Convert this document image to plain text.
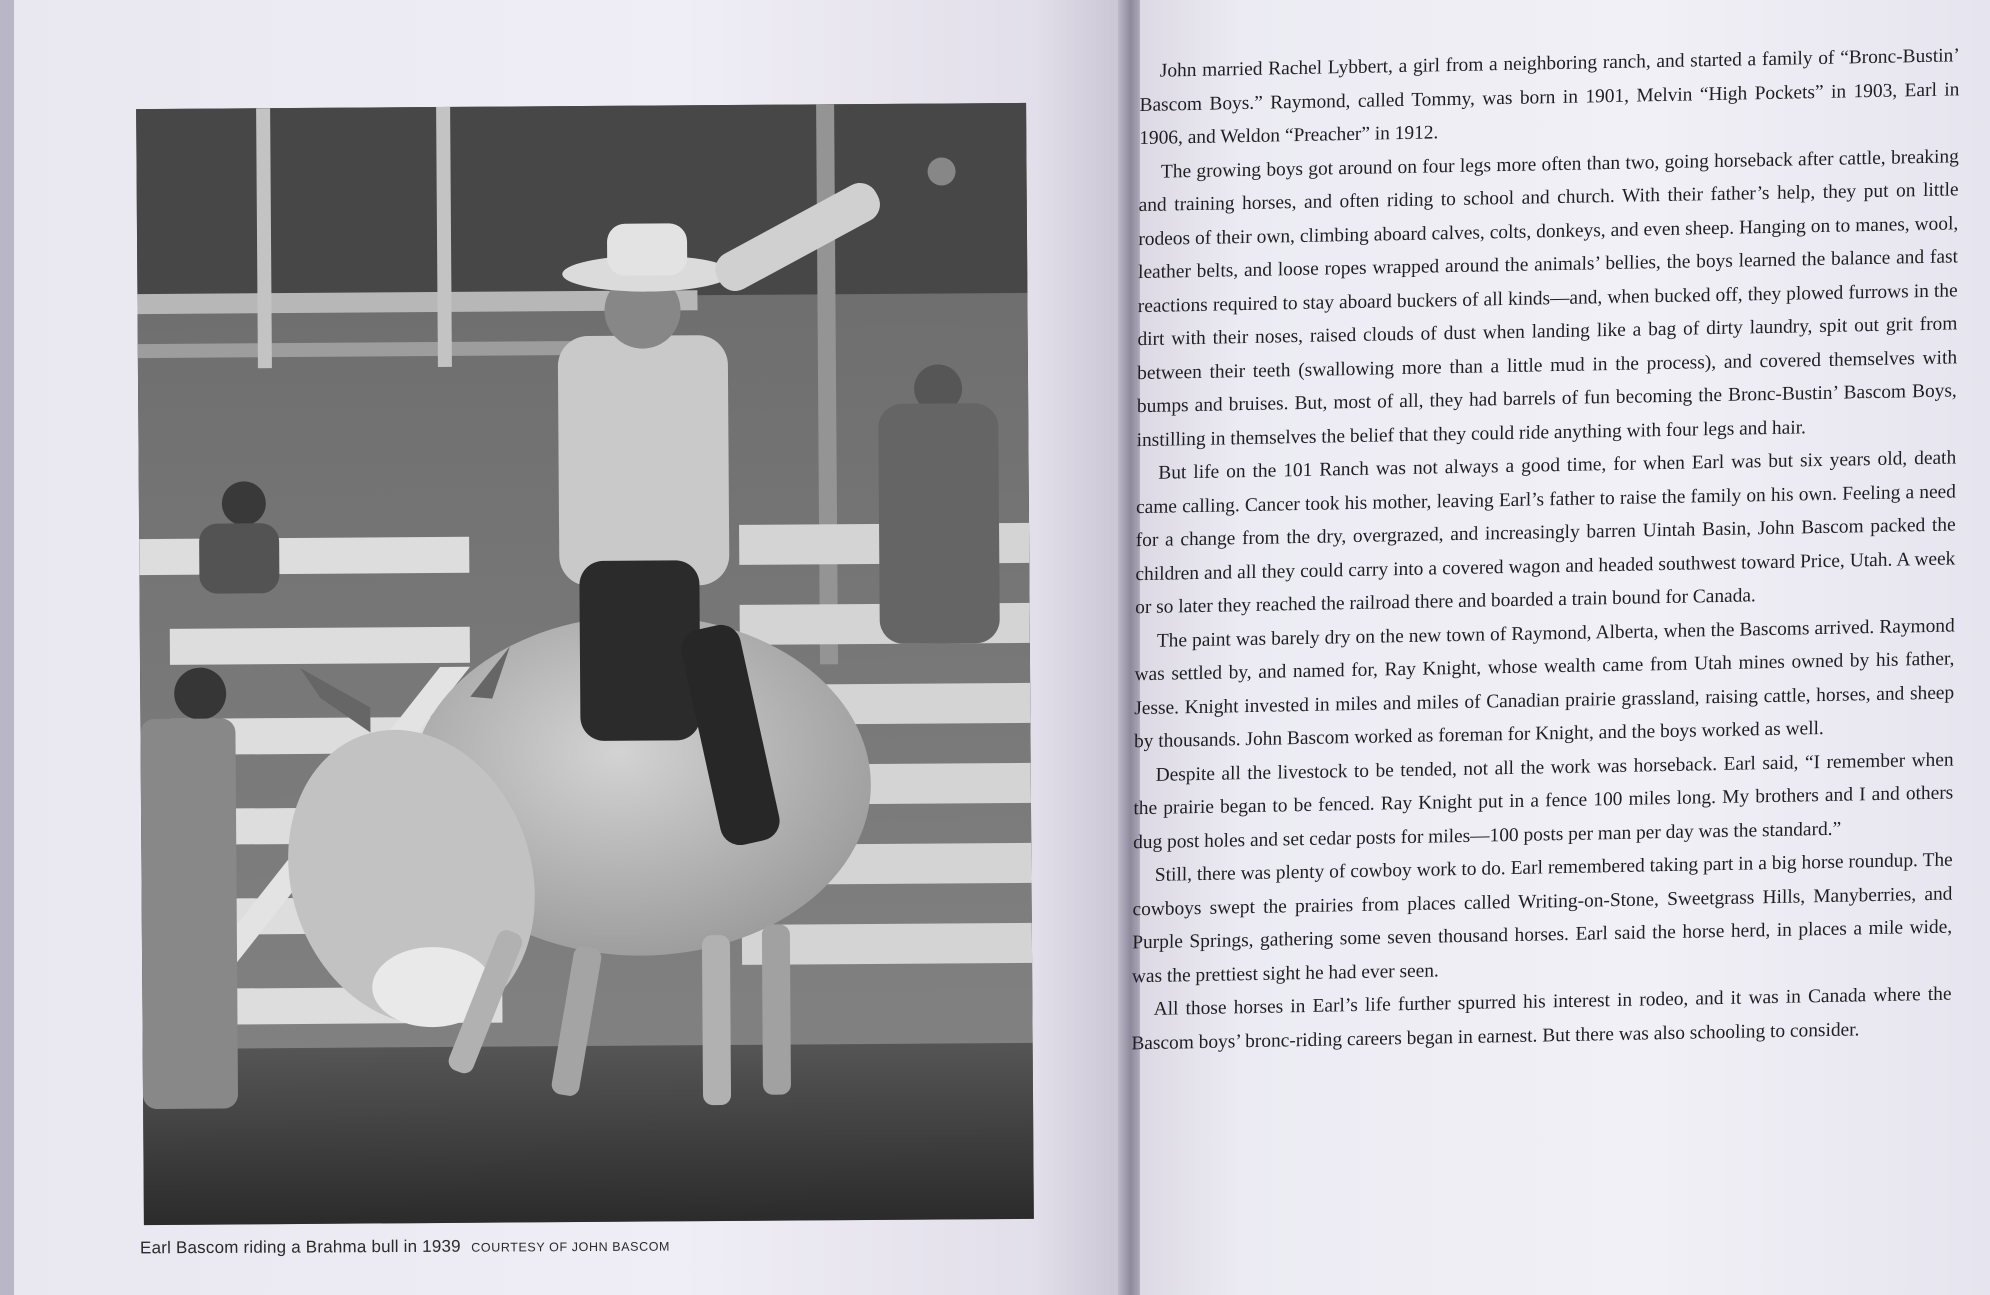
Earl Bascom riding a Brahma bull in 1939 COURTESY OF JOHN BASCOM

John married Rachel Lybbert, a girl from a neighboring ranch, and started a family of “Bronc-Bustin’ Bascom Boys.” Raymond, called Tommy, was born in 1901, Melvin “High Pockets” in 1903, Earl in 1906, and Weldon “Preacher” in 1912.

The growing boys got around on four legs more often than two, going horseback after cattle, breaking and training horses, and often riding to school and church. With their father’s help, they put on little rodeos of their own, climbing aboard calves, colts, donkeys, and even sheep. Hanging on to manes, wool, leather belts, and loose ropes wrapped around the animals’ bellies, the boys learned the balance and fast reactions required to stay aboard buckers of all kinds—and, when bucked off, they plowed furrows in the dirt with their noses, raised clouds of dust when landing like a bag of dirty laundry, spit out grit from between their teeth (swallowing more than a little mud in the process), and covered themselves with bumps and bruises. But, most of all, they had barrels of fun becoming the Bronc-Bustin’ Bascom Boys, instilling in themselves the belief that they could ride anything with four legs and hair.

But life on the 101 Ranch was not always a good time, for when Earl was but six years old, death came calling. Cancer took his mother, leaving Earl’s father to raise the family on his own. Feeling a need for a change from the dry, overgrazed, and increasingly barren Uintah Basin, John Bascom packed the children and all they could carry into a covered wagon and headed southwest toward Price, Utah. A week or so later they reached the railroad there and boarded a train bound for Canada.

The paint was barely dry on the new town of Raymond, Alberta, when the Bascoms arrived. Raymond was settled by, and named for, Ray Knight, whose wealth came from Utah mines owned by his father, Jesse. Knight invested in miles and miles of Canadian prairie grassland, raising cattle, horses, and sheep by thousands. John Bascom worked as foreman for Knight, and the boys worked as well.

Despite all the livestock to be tended, not all the work was horseback. Earl said, “I remember when the prairie began to be fenced. Ray Knight put in a fence 100 miles long. My brothers and I and others dug post holes and set cedar posts for miles—100 posts per man per day was the standard.”

Still, there was plenty of cowboy work to do. Earl remembered taking part in a big horse roundup. The cowboys swept the prairies from places called Writing-on-Stone, Sweetgrass Hills, Manyberries, and Purple Springs, gathering some seven thousand horses. Earl said the horse herd, in places a mile wide, was the prettiest sight he had ever seen.

All those horses in Earl’s life further spurred his interest in rodeo, and it was in Canada where the Bascom boys’ bronc-riding careers began in earnest. But there was also schooling to consider.
